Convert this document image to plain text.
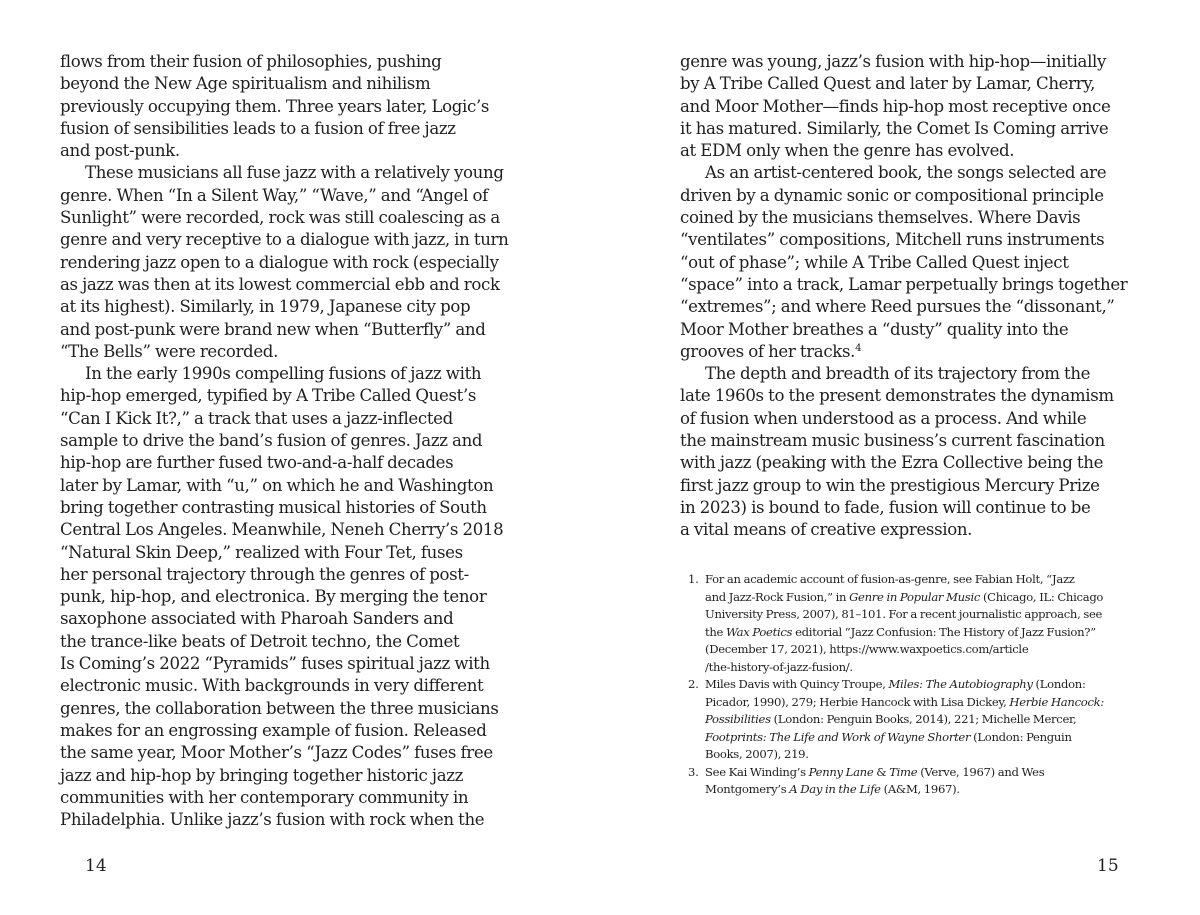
flows from their fusion of philosophies, pushing
beyond the New Age spiritualism and nihilism
previously occupying them. Three years later, Logic’s
fusion of sensibilities leads to a fusion of free jazz
and post-punk.
These musicians all fuse jazz with a relatively young
genre. When “In a Silent Way,” “Wave,” and “Angel of
Sunlight” were recorded, rock was still coalescing as a
genre and very receptive to a dialogue with jazz, in turn
rendering jazz open to a dialogue with rock (especially
as jazz was then at its lowest commercial ebb and rock
at its highest). Similarly, in 1979, Japanese city pop
and post-punk were brand new when “Butterfly” and
“The Bells” were recorded.
In the early 1990s compelling fusions of jazz with
hip-hop emerged, typified by A Tribe Called Quest’s
“Can I Kick It?,” a track that uses a jazz-inflected
sample to drive the band’s fusion of genres. Jazz and
hip-hop are further fused two-and-a-half decades
later by Lamar, with “u,” on which he and Washington
bring together contrasting musical histories of South
Central Los Angeles. Meanwhile, Neneh Cherry’s 2018
“Natural Skin Deep,” realized with Four Tet, fuses
her personal trajectory through the genres of post-
punk, hip-hop, and electronica. By merging the tenor
saxophone associated with Pharoah Sanders and
the trance-like beats of Detroit techno, the Comet
Is Coming’s 2022 “Pyramids” fuses spiritual jazz with
electronic music. With backgrounds in very different
genres, the collaboration between the three musicians
makes for an engrossing example of fusion. Released
the same year, Moor Mother’s “Jazz Codes” fuses free
jazz and hip-hop by bringing together historic jazz
communities with her contemporary community in
Philadelphia. Unlike jazz’s fusion with rock when the
14
genre was young, jazz’s fusion with hip-hop—initially
by A Tribe Called Quest and later by Lamar, Cherry,
and Moor Mother—finds hip-hop most receptive once
it has matured. Similarly, the Comet Is Coming arrive
at EDM only when the genre has evolved.
As an artist-centered book, the songs selected are
driven by a dynamic sonic or compositional principle
coined by the musicians themselves. Where Davis
“ventilates” compositions, Mitchell runs instruments
“out of phase”; while A Tribe Called Quest inject
“space” into a track, Lamar perpetually brings together
“extremes”; and where Reed pursues the “dissonant,”
Moor Mother breathes a “dusty” quality into the
grooves of her tracks.$^4$
The depth and breadth of its trajectory from the
late 1960s to the present demonstrates the dynamism
of fusion when understood as a process. And while
the mainstream music business’s current fascination
with jazz (peaking with the Ezra Collective being the
first jazz group to win the prestigious Mercury Prize
in 2023) is bound to fade, fusion will continue to be
a vital means of creative expression.
1. For an academic account of fusion-as-genre, see Fabian Holt, “Jazz
and Jazz-Rock Fusion,” in Genre in Popular Music (Chicago, IL: Chicago
University Press, 2007), 81–101. For a recent journalistic approach, see
the Wax Poetics editorial “Jazz Confusion: The History of Jazz Fusion?”
(December 17, 2021), https://www.waxpoetics.com/article
/the-history-of-jazz-fusion/.
2. Miles Davis with Quincy Troupe, Miles: The Autobiography (London:
Picador, 1990), 279; Herbie Hancock with Lisa Dickey, Herbie Hancock:
Possibilities (London: Penguin Books, 2014), 221; Michelle Mercer,
Footprints: The Life and Work of Wayne Shorter (London: Penguin
Books, 2007), 219.
3. See Kai Winding’s Penny Lane & Time (Verve, 1967) and Wes
Montgomery’s A Day in the Life (A&M, 1967).
15
